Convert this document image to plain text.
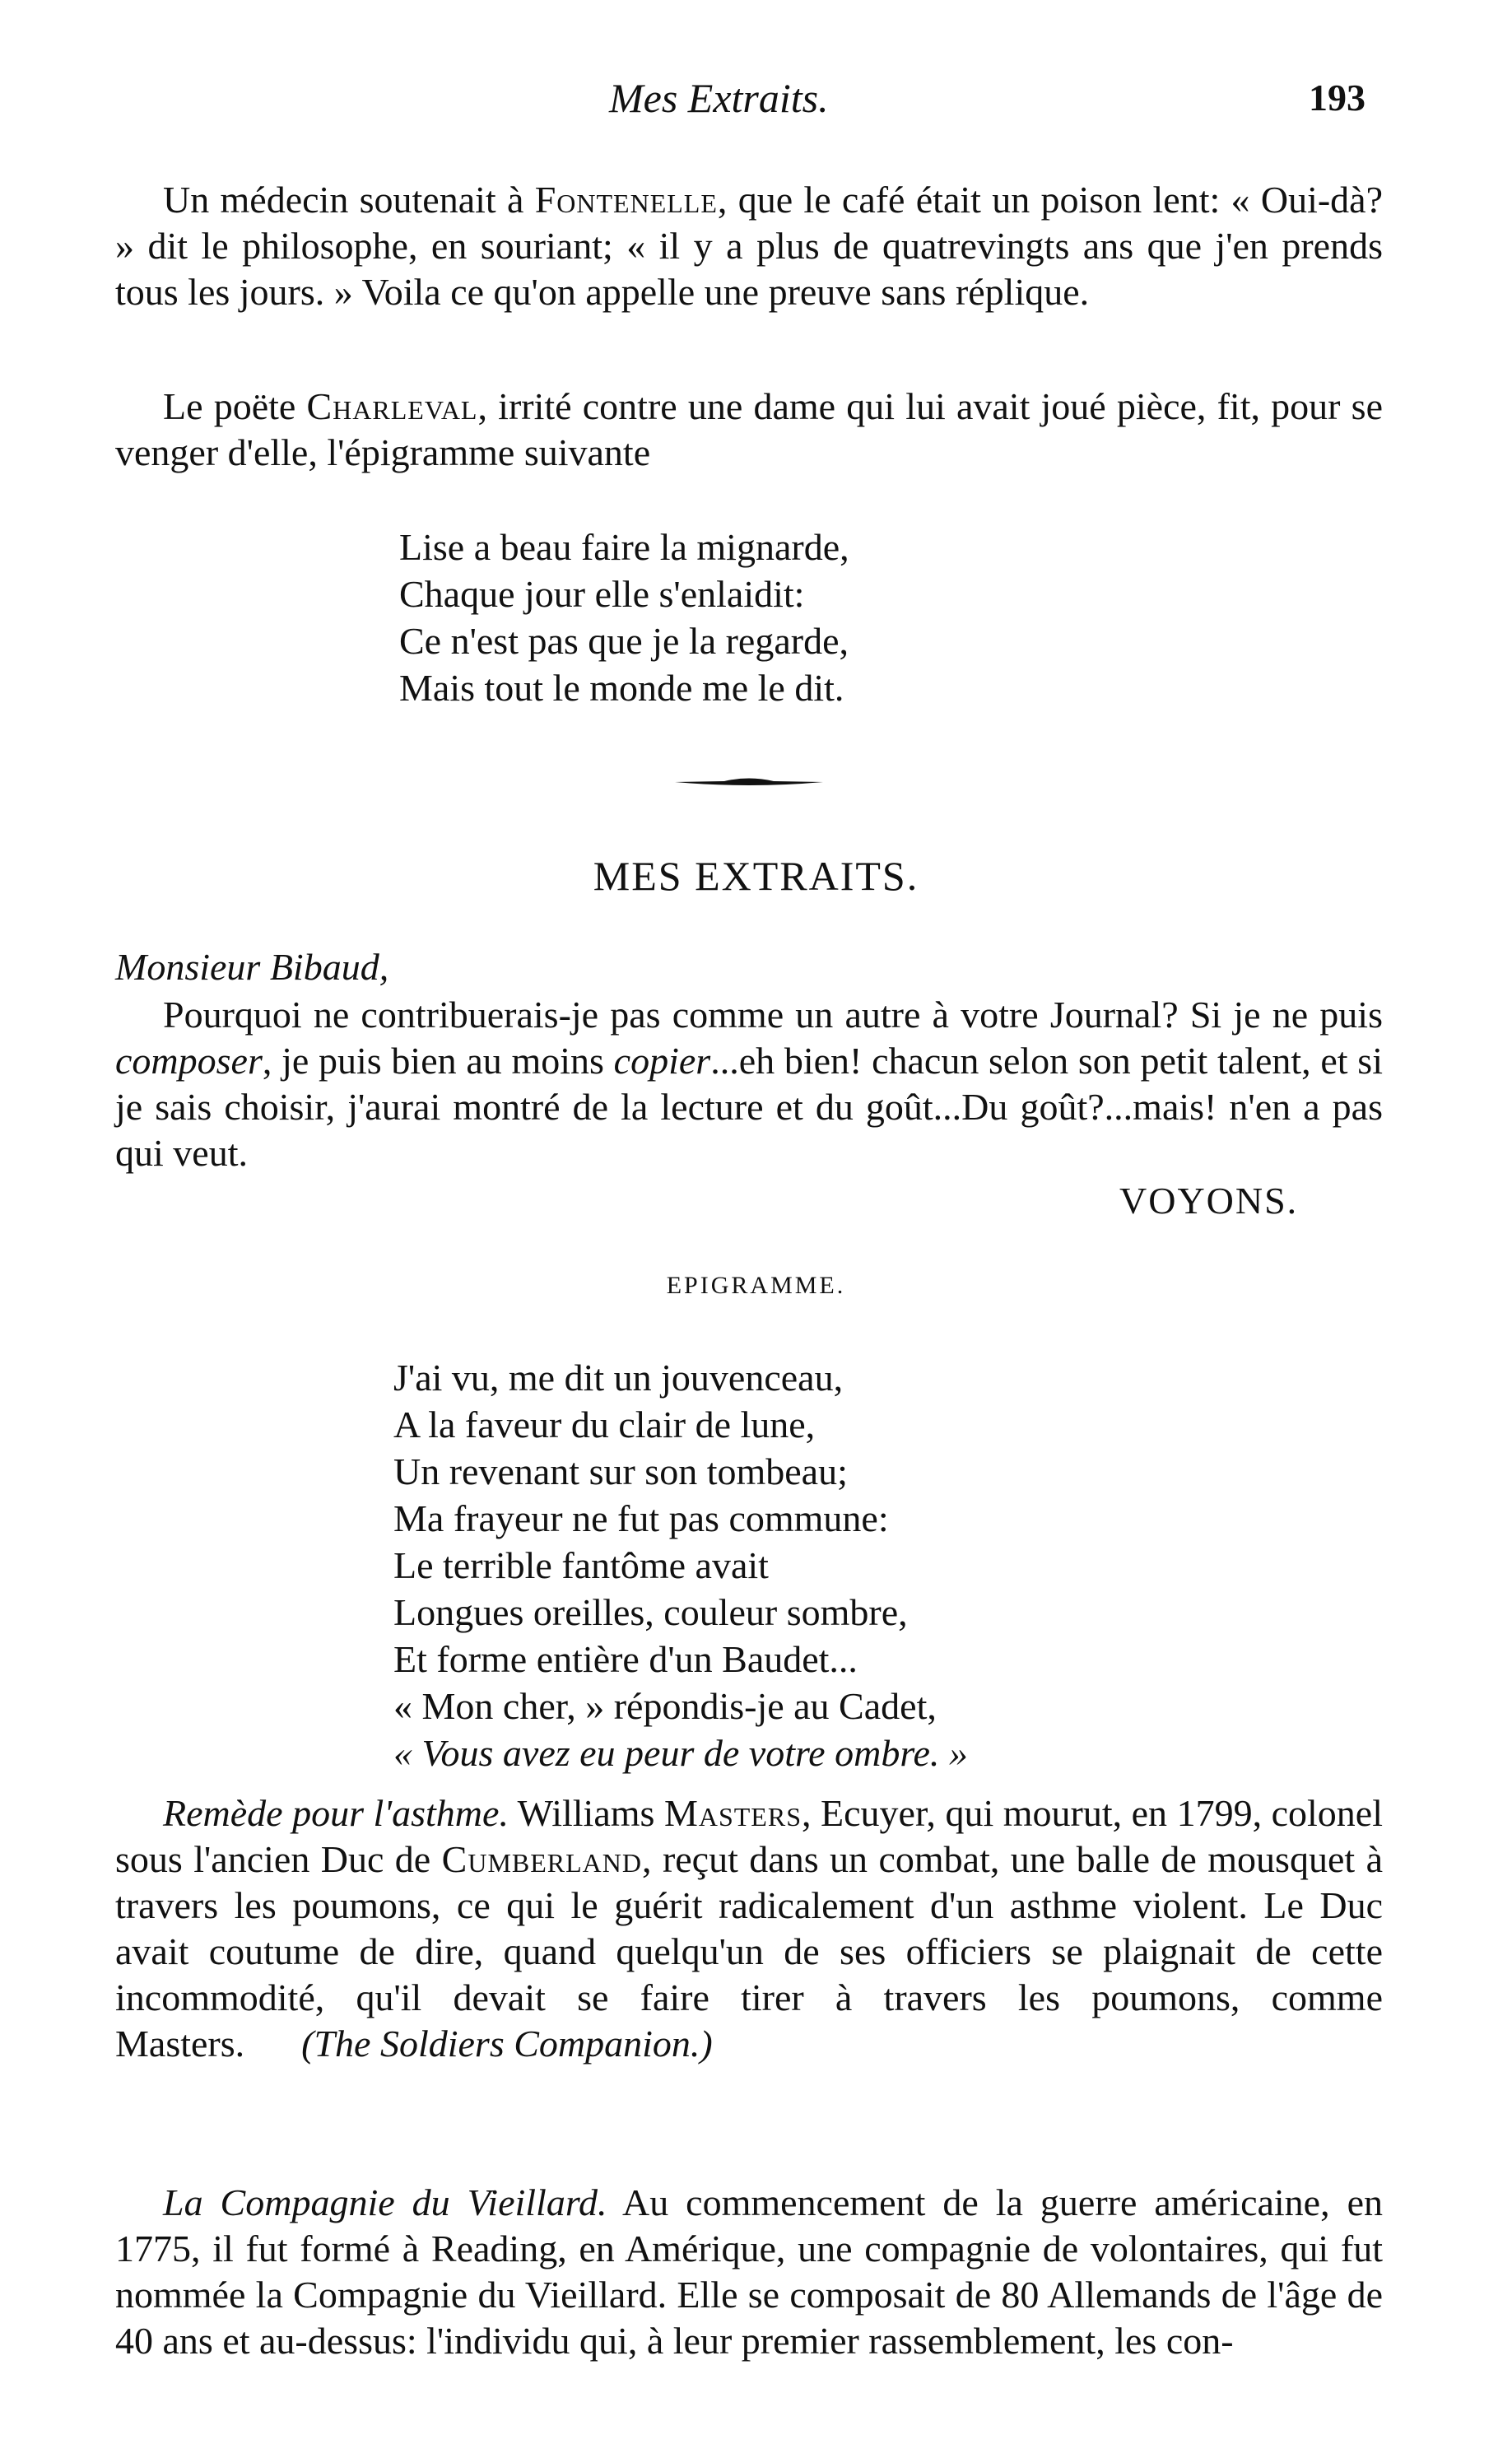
Mes Extraits.	193

Un médecin soutenait à Fontenelle, que le café était un poison lent: « Oui-dà? » dit le philosophe, en souriant; « il y a plus de quatrevingts ans que j'en prends tous les jours. » Voila ce qu'on appelle une preuve sans réplique.

Le poëte Charleval, irrité contre une dame qui lui avait joué pièce, fit, pour se venger d'elle, l'épigramme suivante

Lise a beau faire la mignarde,
Chaque jour elle s'enlaidit:
Ce n'est pas que je la regarde,
Mais tout le monde me le dit.
MES EXTRAITS.
Monsieur Bibaud,

Pourquoi ne contribuerais-je pas comme un autre à votre Journal? Si je ne puis composer, je puis bien au moins copier...eh bien! chacun selon son petit talent, et si je sais choisir, j'aurai montré de la lecture et du goût...Du goût?...mais! n'en a pas qui veut.

VOYONS.
EPIGRAMME.
J'ai vu, me dit un jouvenceau,
A la faveur du clair de lune,
Un revenant sur son tombeau;
Ma frayeur ne fut pas commune:
Le terrible fantôme avait
Longues oreilles, couleur sombre,
Et forme entière d'un Baudet...
« Mon cher, » répondis-je au Cadet,
« Vous avez eu peur de votre ombre. »

Remède pour l'asthme. Williams Masters, Ecuyer, qui mourut, en 1799, colonel sous l'ancien Duc de Cumberland, reçut dans un combat, une balle de mousquet à travers les poumons, ce qui le guérit radicalement d'un asthme violent. Le Duc avait coutume de dire, quand quelqu'un de ses officiers se plaignait de cette incommodité, qu'il devait se faire tirer à travers les poumons, comme Masters. (The Soldiers Companion.)

La Compagnie du Vieillard. Au commencement de la guerre américaine, en 1775, il fut formé à Reading, en Amérique, une compagnie de volontaires, qui fut nommée la Compagnie du Vieillard. Elle se composait de 80 Allemands de l'âge de 40 ans et au-dessus: l'individu qui, à leur premier rassemblement, les con-
